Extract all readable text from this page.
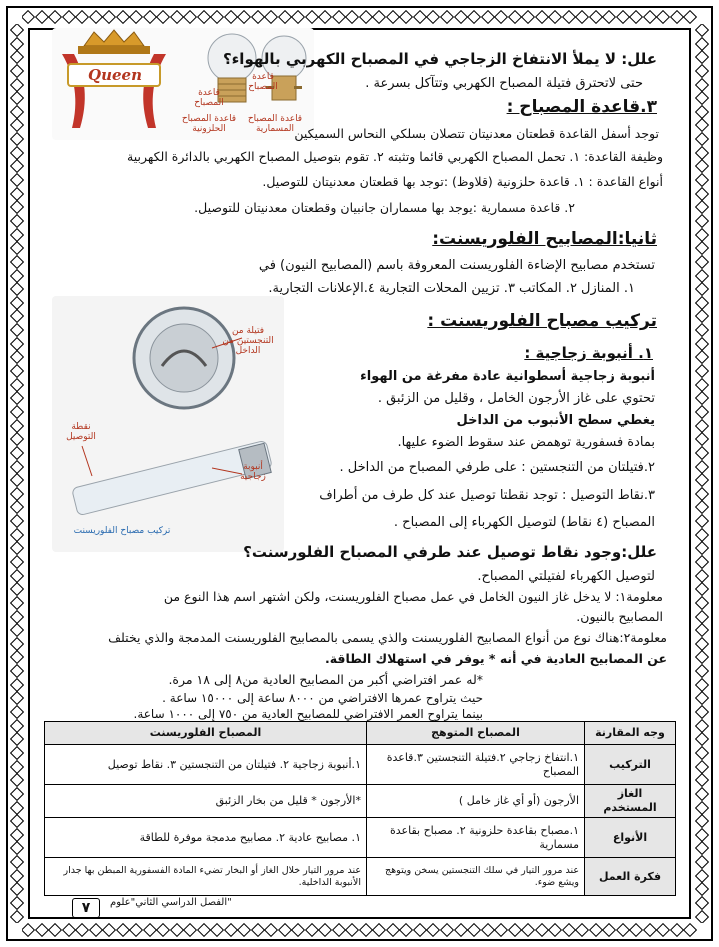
Queen
قاعدة المصباح
قاعدة المصباح الحلزونية
قاعدة المصباح
قاعدة المصباح المسمارية
فتيلة من التنجستين من الداخل
نقطة التوصيل
أنبوبة زجاجية
تركيب مصباح الفلوريسنت
علل: لا يملأ الانتفاخ الزجاجي في المصباح الكهربي بالهواء؟
حتى لاتحترق فتيلة المصباح الكهربي وتتآكل بسرعة .
٣.قاعدة المصباح :
توجد أسفل القاعدة قطعتان معدنيتان تتصلان بسلكي النحاس السميكين
وظيفة القاعدة: ١. تحمل المصباح الكهربي قائما وتثبته ٢. تقوم بتوصيل المصباح الكهربي بالدائرة الكهربية
أنواع القاعدة : ١. قاعدة حلزونية (قلاوظ) :توجد بها قطعتان معدنيتان للتوصيل.
٢. قاعدة مسمارية :يوجد بها مسماران جانبيان وقطعتان معدنيتان للتوصيل.
ثانيا:المصابيح الفلوريسنت:
تستخدم مصابيح الإضاءة الفلوريسنت المعروفة باسم (المصابيح النيون) في
١. المنازل ٢. المكاتب ٣. تزيين المحلات التجارية ٤.الإعلانات التجارية.
تركيب مصباح الفلوريسنت :
١. أنبوبة زجاجية :
أنبوبة زجاجية أسطوانية عادة مفرغة من الهواء
تحتوي على غاز الأرجون الخامل ، وقليل من الزئبق .
يغطي سطح الأنبوب من الداخل
بمادة فسفورية توهمض عند سقوط الضوء عليها.
٢.فتيلتان من التنجستين : على طرفي المصباح من الداخل .
٣.نقاط التوصيل : توجد نقطتا توصيل عند كل طرف من أطراف
المصباح (٤ نقاط) لتوصيل الكهرباء إلى المصباح .
علل:وجود نقاط توصيل عند طرفي المصباح الفلورسنت؟
لتوصيل الكهرباء لفتيلتي المصباح.
معلومة١: لا يدخل غاز النيون الخامل في عمل مصباح الفلوريسنت، ولكن اشتهر اسم هذا النوع من
المصابيح بالنيون.
معلومة٢:هناك نوع من أنواع المصابيح الفلوريسنت والذي يسمى بالمصابيح الفلوريسنت المدمجة والذي يختلف
عن المصابيح العادية في أنه * يوفر في استهلاك الطاقة.
*له عمر افتراضي أكبر من المصابيح العادية من٨ إلى ١٨ مرة.
حيث يتراوح عمرها الافتراضي من ٨٠٠٠ ساعة إلى ١٥٠٠٠ ساعة .
بينما يتراوح العمر الافتراضي للمصابيح العادية من ٧٥٠ إلى ١٠٠٠ ساعة.
وجه المقارنة	المصباح المتوهج	المصباح الفلوريسنت
التركيب	١.انتفاخ زجاجي ٢.فتيلة التنجستين ٣.قاعدة المصباح	١.أنبوبة زجاجية ٢. فتيلتان من التنجستين ٣. نقاط توصيل
الغاز المستخدم	الأرجون (أو أي غاز خامل )	*الأرجون * قليل من بخار الزئبق
الأنواع	١.مصباح بقاعدة حلزونية ٢. مصباح بقاعدة مسمارية	١. مصابيح عادية ٢. مصابيح مدمجة موفرة للطاقة
فكرة العمل	عند مرور التيار في سلك التنجستين يسخن ويتوهج ويشع ضوء.	عند مرور التيار خلال الغاز أو البخار تضيء المادة الفسفورية المبطن بها جدار الأنبوبة الداخلية.
الفصل الدراسي الثاني"علوم"
٧
